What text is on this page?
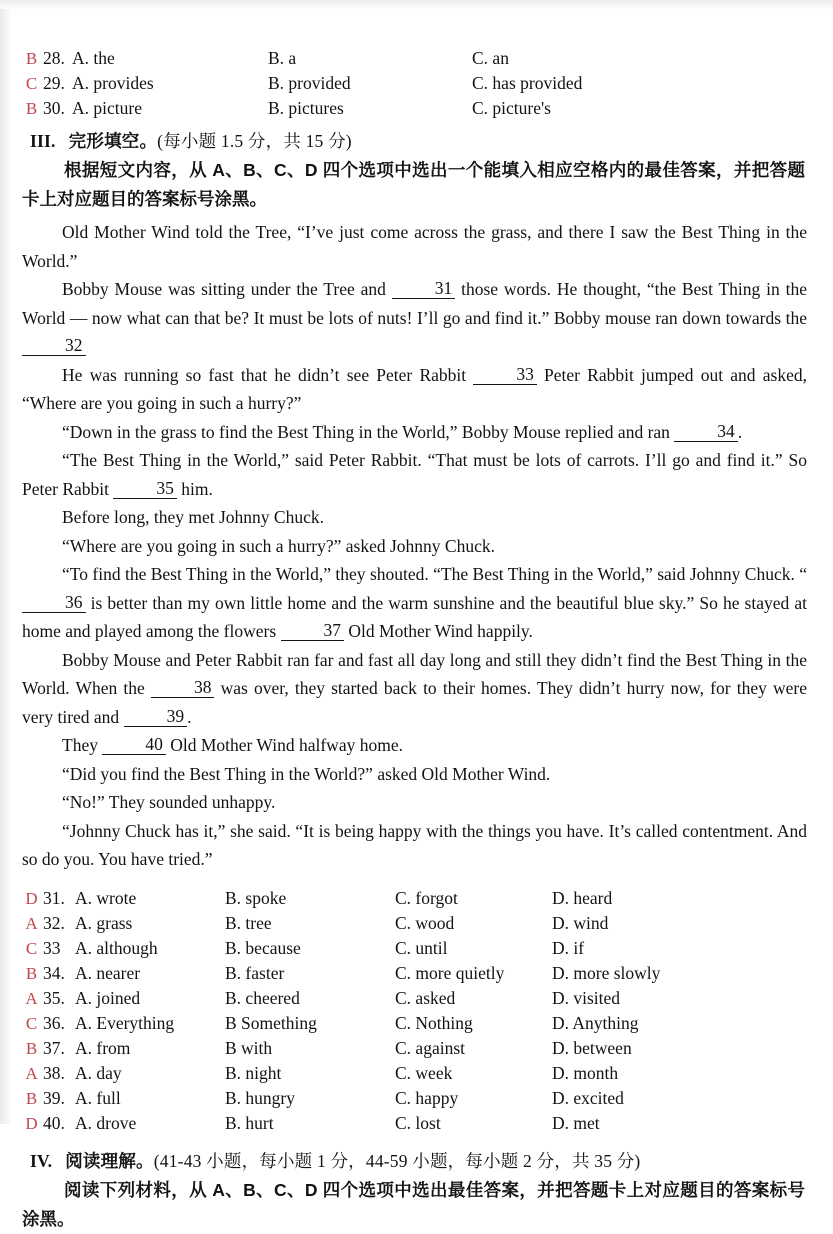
B 28. A. the	B. a	C. an
C 29. A. provides	B. provided	C. has provided
B 30. A. picture	B. pictures	C. picture's
III. 完形填空。(每小题 1.5 分，共 15 分)
根据短文内容，从 A、B、C、D 四个选项中选出一个能填入相应空格内的最佳答案，并把答题卡上对应题目的答案标号涂黑。
Old Mother Wind told the Tree, “I’ve just come across the grass, and there I saw the Best Thing in the World.”
Bobby Mouse was sitting under the Tree and 31 those words. He thought, “the Best Thing in the World — now what can that be? It must be lots of nuts! I’ll go and find it.” Bobby mouse ran down towards the 32
He was running so fast that he didn’t see Peter Rabbit 33 Peter Rabbit jumped out and asked, “Where are you going in such a hurry?”
“Down in the grass to find the Best Thing in the World,” Bobby Mouse replied and ran 34 .
“The Best Thing in the World,” said Peter Rabbit. “That must be lots of carrots. I’ll go and find it.” So Peter Rabbit 35 him.
Before long, they met Johnny Chuck.
“Where are you going in such a hurry?” asked Johnny Chuck.
“To find the Best Thing in the World,” they shouted. “The Best Thing in the World,” said Johnny Chuck. “36 is better than my own little home and the warm sunshine and the beautiful blue sky.” So he stayed at home and played among the flowers 37 Old Mother Wind happily.
Bobby Mouse and Peter Rabbit ran far and fast all day long and still they didn’t find the Best Thing in the World. When the 38 was over, they started back to their homes. They didn’t hurry now, for they were very tired and 39 .
They 40 Old Mother Wind halfway home.
“Did you find the Best Thing in the World?” asked Old Mother Wind.
“No!” They sounded unhappy.
“Johnny Chuck has it,” she said. “It is being happy with the things you have. It’s called contentment. And so do you. You have tried.”
D 31. A. wrote	B. spoke	C. forgot	D. heard
A 32. A. grass	B. tree	C. wood	D. wind
C 33 A. although	B. because	C. until	D. if
B 34. A. nearer	B. faster	C. more quietly	D. more slowly
A 35. A. joined	B. cheered	C. asked	D. visited
C 36. A. Everything	B Something	C. Nothing	D. Anything
B 37. A. from	B with	C. against	D. between
A 38. A. day	B. night	C. week	D. month
B 39. A. full	B. hungry	C. happy	D. excited
D 40. A. drove	B. hurt	C. lost	D. met
IV. 阅读理解。(41-43 小题，每小题 1 分，44-59 小题，每小题 2 分，共 35 分)
阅读下列材料，从 A、B、C、D 四个选项中选出最佳答案，并把答题卡上对应题目的答案标号涂黑。
